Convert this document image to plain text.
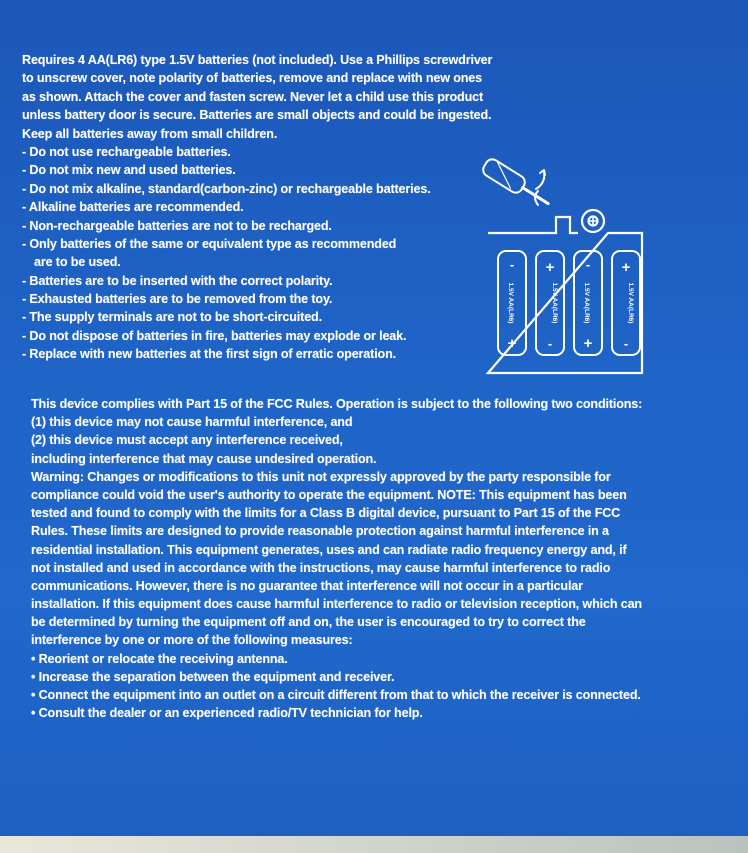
Requires 4 AA(LR6) type 1.5V batteries (not included). Use a Phillips screwdriver
to unscrew cover, note polarity of batteries, remove and replace with new ones
as shown. Attach the cover and fasten screw. Never let a child use this product
unless battery door is secure. Batteries are small objects and could be ingested.
Keep all batteries away from small children.
- Do not use rechargeable batteries.
- Do not mix new and used batteries.
- Do not mix alkaline, standard(carbon-zinc) or rechargeable batteries.
- Alkaline batteries are recommended.
- Non-rechargeable batteries are not to be recharged.
- Only batteries of the same or equivalent type as recommended
are to be used.
- Batteries are to be inserted with the correct polarity.
- Exhausted batteries are to be removed from the toy.
- The supply terminals are not to be short-circuited.
- Do not dispose of batteries in fire, batteries may explode or leak.
- Replace with new batteries at the first sign of erratic operation.
-
+
1.5V AA(LR6)
+
-
1.5V AA(LR6)
-
+
1.5V AA(LR6)
+
-
1.5V AA(LR6)
This device complies with Part 15 of the FCC Rules. Operation is subject to the following two conditions:
(1) this device may not cause harmful interference, and
(2) this device must accept any interference received,
including interference that may cause undesired operation.
Warning: Changes or modifications to this unit not expressly approved by the party responsible for
compliance could void the user's authority to operate the equipment. NOTE: This equipment has been
tested and found to comply with the limits for a Class B digital device, pursuant to Part 15 of the FCC
Rules. These limits are designed to provide reasonable protection against harmful interference in a
residential installation. This equipment generates, uses and can radiate radio frequency energy and, if
not installed and used in accordance with the instructions, may cause harmful interference to radio
communications. However, there is no guarantee that interference will not occur in a particular
installation. If this equipment does cause harmful interference to radio or television reception, which can
be determined by turning the equipment off and on, the user is encouraged to try to correct the
interference by one or more of the following measures:
• Reorient or relocate the receiving antenna.
• Increase the separation between the equipment and receiver.
• Connect the equipment into an outlet on a circuit different from that to which the receiver is connected.
• Consult the dealer or an experienced radio/TV technician for help.
